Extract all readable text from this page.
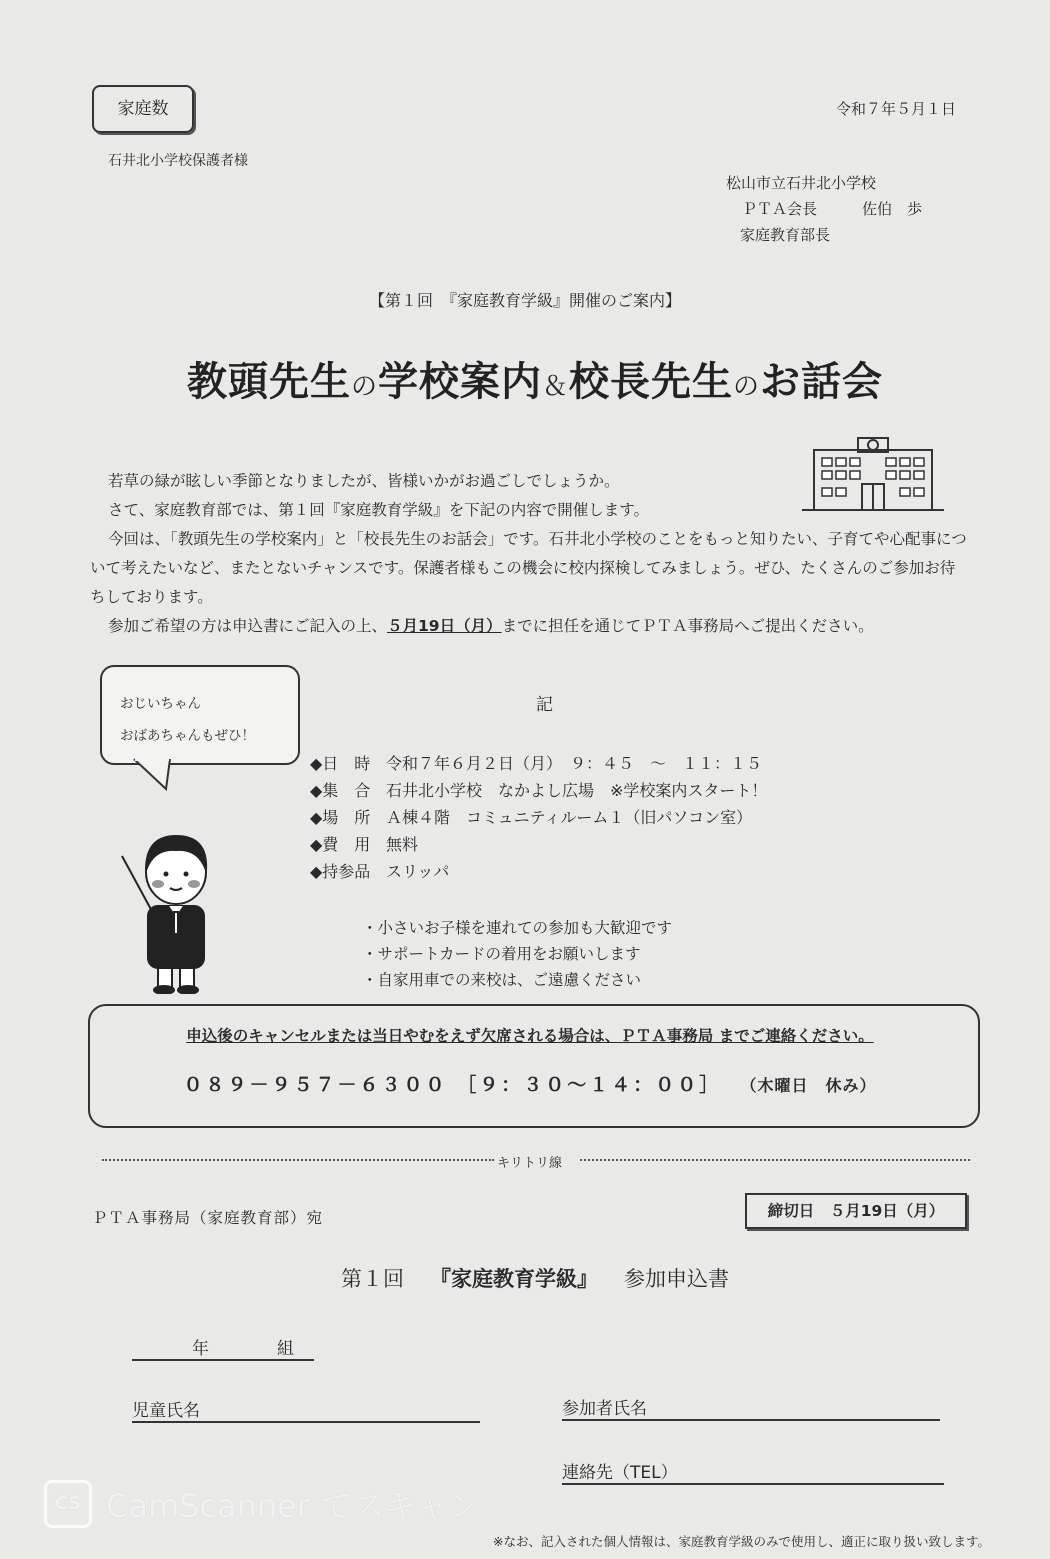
家庭数	令和７年５月１日
石井北小学校保護者様
松山市立石井北小学校
ＰＴＡ会長　　　佐伯　歩
家庭教育部長
【第１回　『家庭教育学級』開催のご案内】
教頭先生の学校案内＆校長先生のお話会

若草の緑が眩しい季節となりましたが、皆様いかがお過ごしでしょうか。

さて、家庭教育部では、第１回『家庭教育学級』を下記の内容で開催します。

今回は、「教頭先生の学校案内」と「校長先生のお話会」です。石井北小学校のことをもっと知りたい、子育てや心配事について考えたいなど、またとないチャンスです。保護者様もこの機会に校内探検してみましょう。ぜひ、たくさんのご参加お待ちしております。

参加ご希望の方は申込書にご記入の上、５月19日（月）までに担任を通じてＰＴＡ事務局へご提出ください。

おじいちゃん
おばあちゃんもぜひ！
記
◆日　時 令和７年６月２日（月）　９：４５　～　１１：１５
◆集　合 石井北小学校　なかよし広場　※学校案内スタート！
◆場　所 Ａ棟４階　コミュニティルーム１（旧パソコン室）
◆費　用 無料
◆持参品 スリッパ
・小さいお子様を連れての参加も大歓迎です
・サポートカードの着用をお願いします
・自家用車での来校は、ご遠慮ください
申込後のキャンセルまたは当日やむをえず欠席される場合は、ＰＴＡ事務局 までご連絡ください。
０８９－９５７－６３００ ［９：３０～１４：００］ （木曜日　休み）
キリトリ線
ＰＴＡ事務局（家庭教育部）宛	締切日　５月19日（月）
第１回 『家庭教育学級』 参加申込書
年　　　　組
児童氏名	参加者氏名
連絡先（TEL）
CS CamScanner でスキャン
※なお、記入された個人情報は、家庭教育学級のみで使用し、適正に取り扱い致します。
